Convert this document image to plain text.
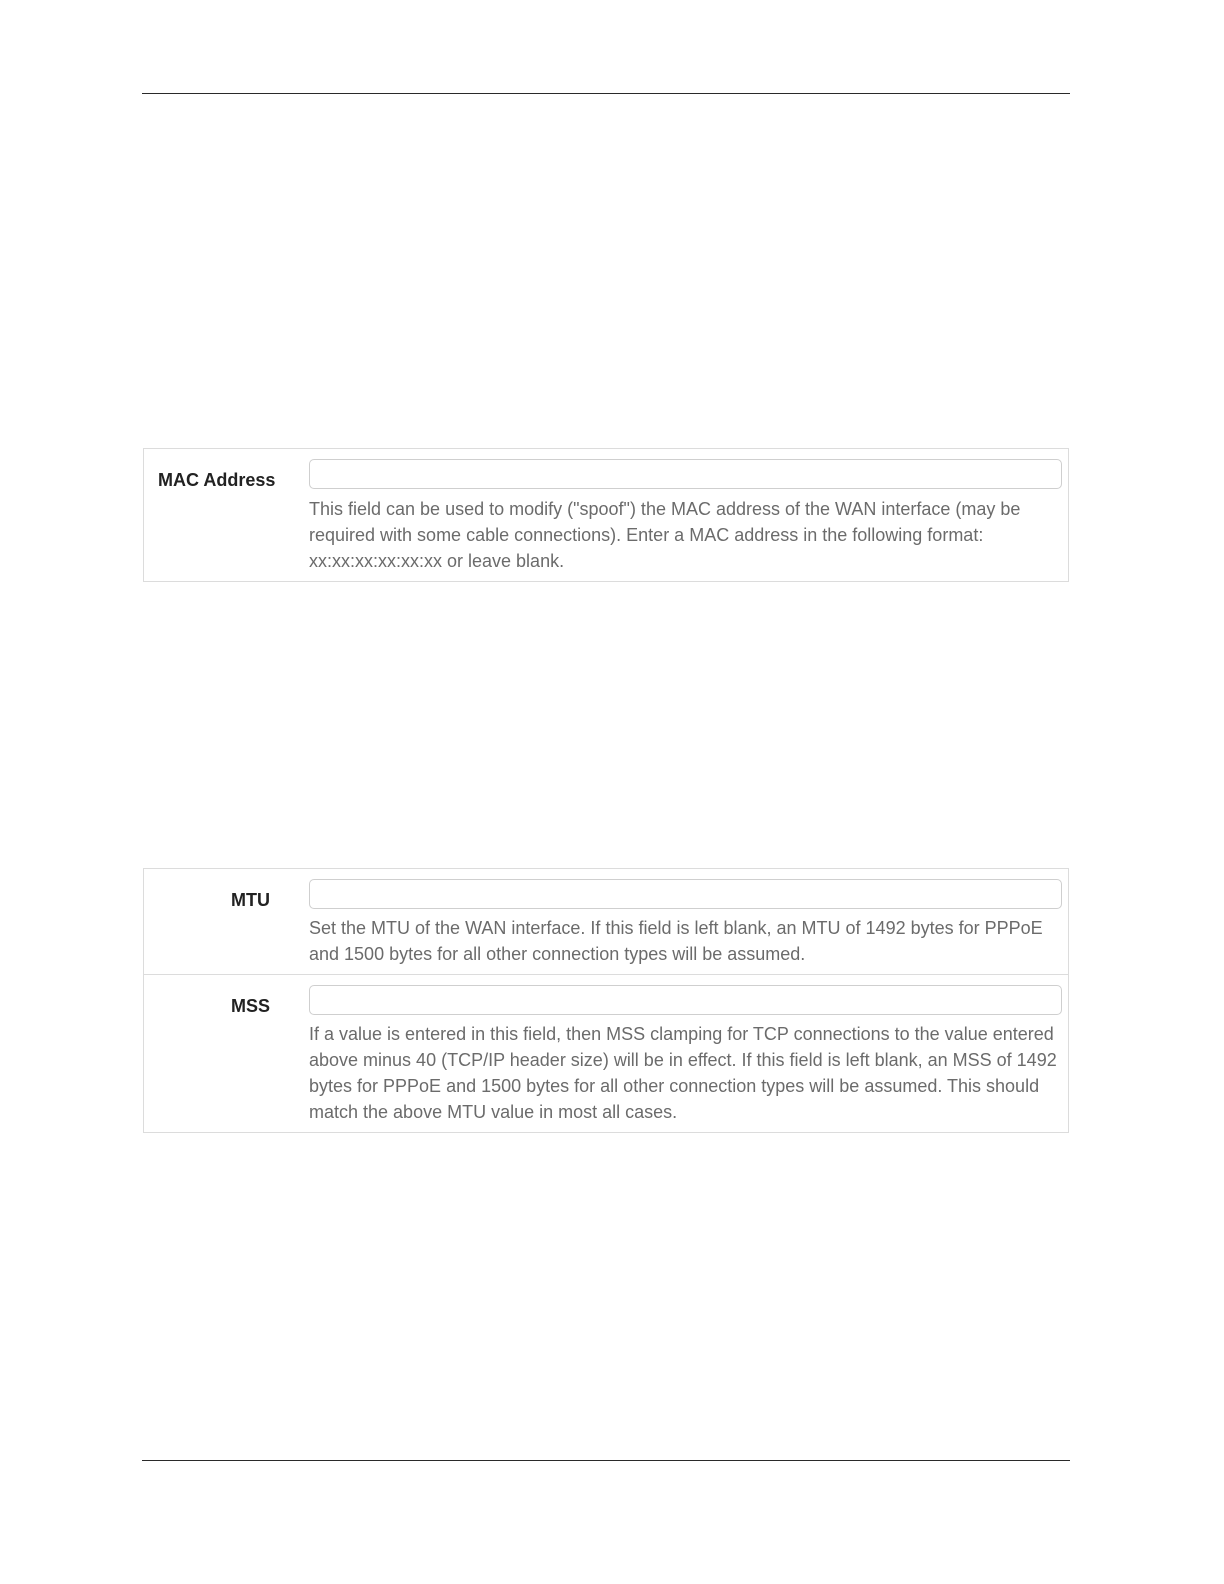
MAC Address

This field can be used to modify ("spoof") the MAC address of the WAN interface (may be required with some cable connections). Enter a MAC address in the following format: xx:xx:xx:xx:xx:xx or leave blank.

MTU

Set the MTU of the WAN interface. If this field is left blank, an MTU of 1492 bytes for PPPoE and 1500 bytes for all other connection types will be assumed.

MSS

If a value is entered in this field, then MSS clamping for TCP connections to the value entered above minus 40 (TCP/IP header size) will be in effect. If this field is left blank, an MSS of 1492 bytes for PPPoE and 1500 bytes for all other connection types will be assumed. This should match the above MTU value in most all cases.
